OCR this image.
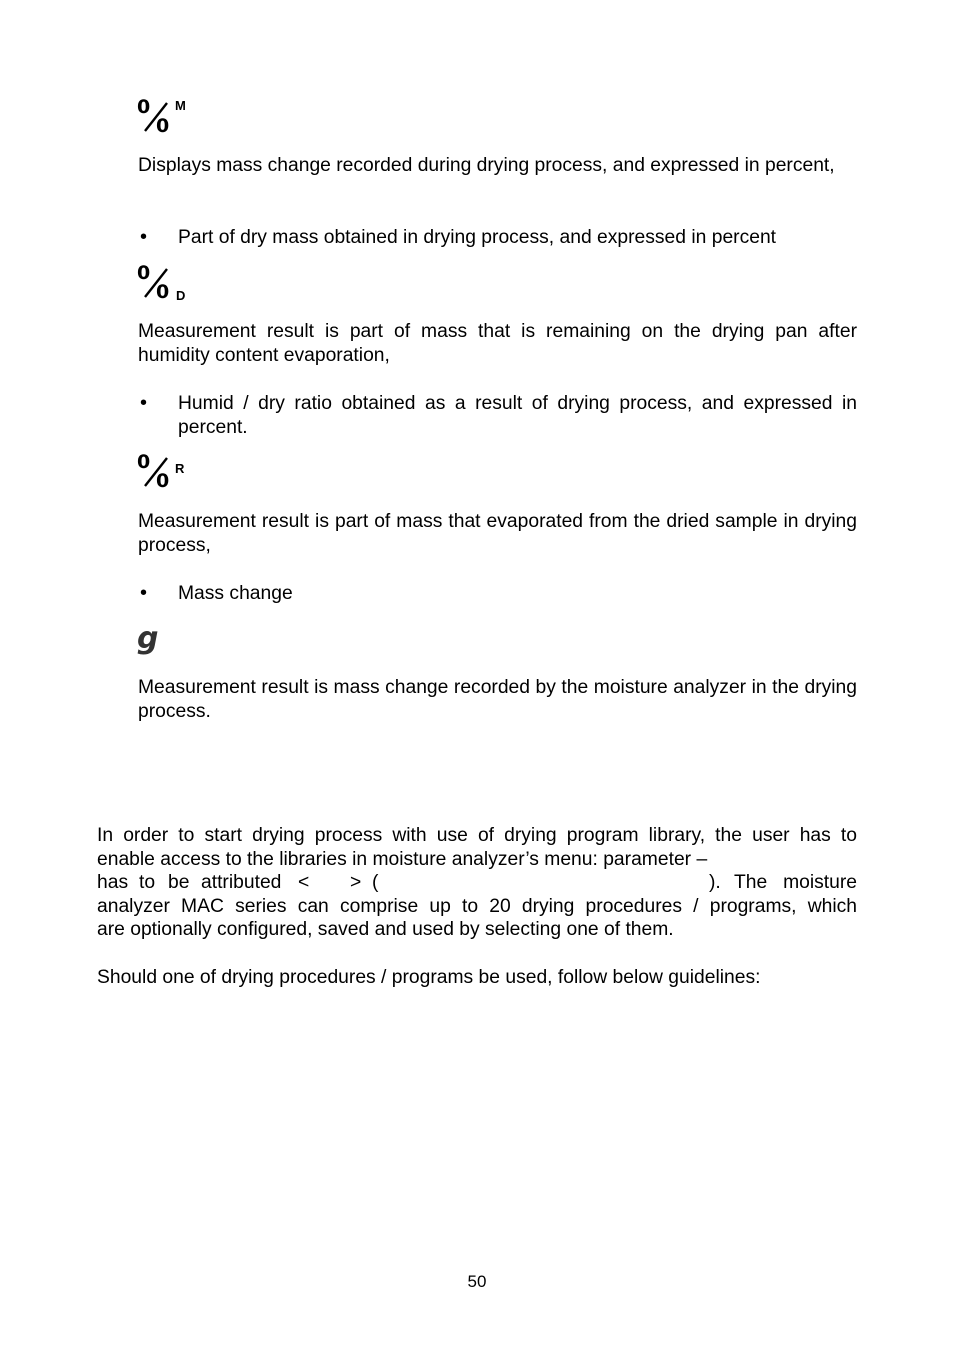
0
0
M
Displays mass change recorded during drying process, and expressed in percent,
• Part of dry mass obtained in drying process, and expressed in percent
0
0 D
Measurement result is part of mass that is remaining on the drying pan after humidity content evaporation,
• Humid / dry ratio obtained as a result of drying process, and expressed in percent.
0
0
R
Measurement result is part of mass that evaporated from the dried sample in drying process,
• Mass change
g
Measurement result is mass change recorded by the moisture analyzer in the drying process.
In order to start drying process with use of drying program library, the user has to
enable access to the libraries in moisture analyzer’s menu: parameter –
has to be attributed < > (	). The moisture
analyzer MAC series can comprise up to 20 drying procedures / programs, which
are optionally configured, saved and used by selecting one of them.
Should one of drying procedures / programs be used, follow below guidelines:
50
